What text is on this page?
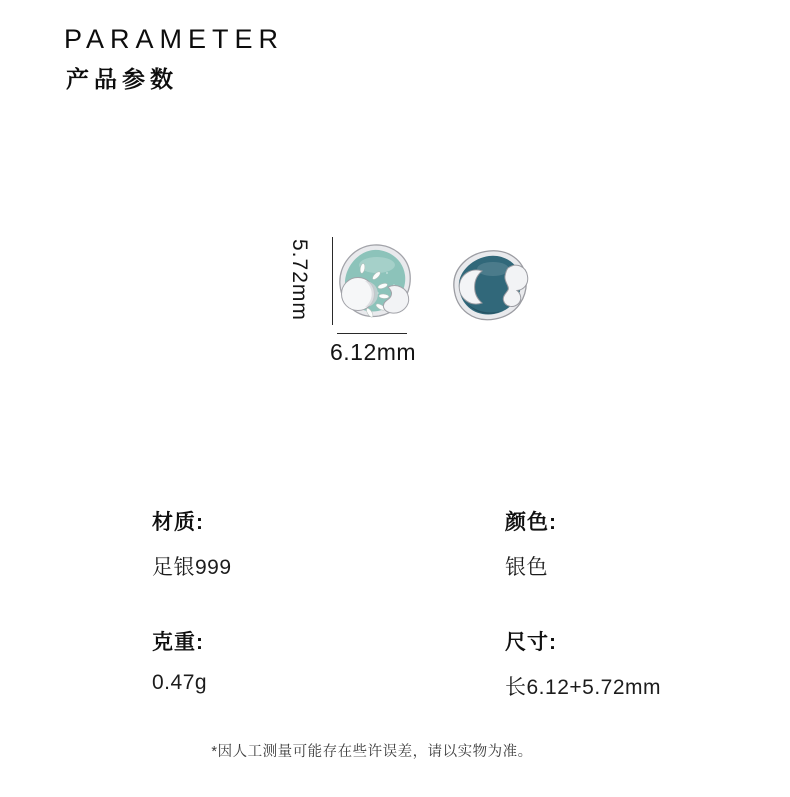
PARAMETER
产品参数
5.72mm
6.12mm
材质:
足银999
颜色:
银色
克重:
0.47g
尺寸:
长6.12+5.72mm

*因人工测量可能存在些许误差，请以实物为准。
